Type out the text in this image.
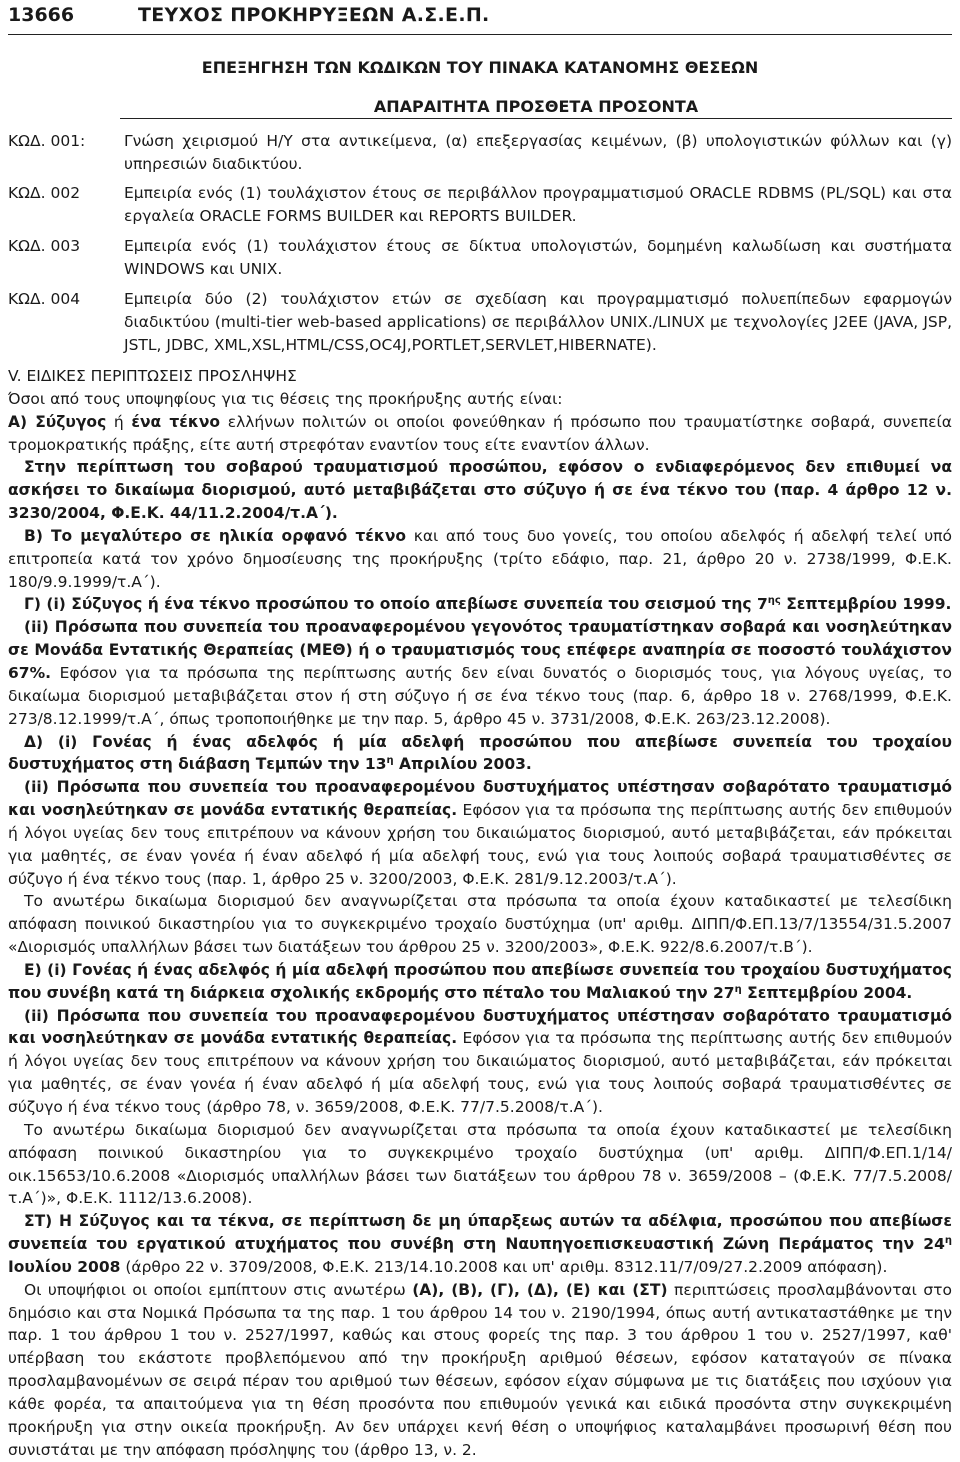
13666	ΤΕΥΧΟΣ ΠΡΟΚΗΡΥΞΕΩΝ Α.Σ.Ε.Π.
ΕΠΕΞΗΓΗΣΗ ΤΩΝ ΚΩΔΙΚΩΝ ΤΟΥ ΠΙΝΑΚΑ ΚΑΤΑΝΟΜΗΣ ΘΕΣΕΩΝ
ΑΠΑΡΑΙΤΗΤΑ ΠΡΟΣΘΕΤΑ ΠΡΟΣΟΝΤΑ
ΚΩΔ. 001:	Γνώση χειρισμού Η/Υ στα αντικείμενα, (α) επεξεργασίας κειμένων, (β) υπολογιστικών φύλλων και (γ) υπηρεσιών διαδικτύου.
ΚΩΔ. 002	Εμπειρία ενός (1) τουλάχιστον έτους σε περιβάλλον προγραμματισμού ORACLE RDBMS (PL/SQL) και στα εργαλεία ORACLE FORMS BUILDER και REPORTS BUILDER.
ΚΩΔ. 003	Εμπειρία ενός (1) τουλάχιστον έτους σε δίκτυα υπολογιστών, δομημένη καλωδίωση και συστήματα WINDOWS και UNIX.
ΚΩΔ. 004	Εμπειρία δύο (2) τουλάχιστον ετών σε σχεδίαση και προγραμματισμό πολυεπίπεδων εφαρμογών διαδικτύου (multi-tier web-based applications) σε περιβάλλον UNIX./LINUX με τεχνολογίες J2EE (JAVA, JSP, JSTL, JDBC, XML,XSL,HTML/CSS,OC4J,PORTLET,SERVLET,HIBERNATE).

V. ΕΙΔΙΚΕΣ ΠΕΡΙΠΤΩΣΕΙΣ ΠΡΟΣΛΗΨΗΣ

Όσοι από τους υποψηφίους για τις θέσεις της προκήρυξης αυτής είναι:

Α) Σύζυγος ή ένα τέκνο ελλήνων πολιτών οι οποίοι φονεύθηκαν ή πρόσωπο που τραυματίστηκε σοβαρά, συνεπεία τρομοκρατικής πράξης, είτε αυτή στρεφόταν εναντίον τους είτε εναντίον άλλων.

Στην περίπτωση του σοβαρού τραυματισμού προσώπου, εφόσον ο ενδιαφερόμενος δεν επιθυμεί να ασκήσει το δικαίωμα διορισμού, αυτό μεταβιβάζεται στο σύζυγο ή σε ένα τέκνο του (παρ. 4 άρθρο 12 ν. 3230/2004, Φ.Ε.Κ. 44/11.2.2004/τ.Α΄).

Β) Το μεγαλύτερο σε ηλικία ορφανό τέκνο και από τους δυο γονείς, του οποίου αδελφός ή αδελφή τελεί υπό επιτροπεία κατά τον χρόνο δημοσίευσης της προκήρυξης (τρίτο εδάφιο, παρ. 21, άρθρο 20 ν. 2738/1999, Φ.Ε.Κ. 180/9.9.1999/τ.Α΄).

Γ) (i) Σύζυγος ή ένα τέκνο προσώπου το οποίο απεβίωσε συνεπεία του σεισμού της $7^{\eta\varsigma}$ Σεπτεμβρίου 1999.

(ii) Πρόσωπα που συνεπεία του προαναφερομένου γεγονότος τραυματίστηκαν σοβαρά και νοσηλεύτηκαν σε Μονάδα Εντατικής Θεραπείας (ΜΕΘ) ή ο τραυματισμός τους επέφερε αναπηρία σε ποσοστό τουλάχιστον 67%. Εφόσον για τα πρόσωπα της περίπτωσης αυτής δεν είναι δυνατός ο διορισμός τους, για λόγους υγείας, το δικαίωμα διορισμού μεταβιβάζεται στον ή στη σύζυγο ή σε ένα τέκνο τους (παρ. 6, άρθρο 18 ν. 2768/1999, Φ.Ε.Κ. 273/8.12.1999/τ.Α΄, όπως τροποποιήθηκε με την παρ. 5, άρθρο 45 ν. 3731/2008, Φ.Ε.Κ. 263/23.12.2008).

Δ) (i) Γονέας ή ένας αδελφός ή μία αδελφή προσώπου που απεβίωσε συνεπεία του τροχαίου δυστυχήματος στη διάβαση Τεμπών την $13^\eta$ Απριλίου 2003.

(ii) Πρόσωπα που συνεπεία του προαναφερομένου δυστυχήματος υπέστησαν σοβαρότατο τραυματισμό και νοσηλεύτηκαν σε μονάδα εντατικής θεραπείας. Εφόσον για τα πρόσωπα της περίπτωσης αυτής δεν επιθυμούν ή λόγοι υγείας δεν τους επιτρέπουν να κάνουν χρήση του δικαιώματος διορισμού, αυτό μεταβιβάζεται, εάν πρόκειται για μαθητές, σε έναν γονέα ή έναν αδελφό ή μία αδελφή τους, ενώ για τους λοιπούς σοβαρά τραυματισθέντες σε σύζυγο ή ένα τέκνο τους (παρ. 1, άρθρο 25 ν. 3200/2003, Φ.Ε.Κ. 281/9.12.2003/τ.Α΄).

Το ανωτέρω δικαίωμα διορισμού δεν αναγνωρίζεται στα πρόσωπα τα οποία έχουν καταδικαστεί με τελεσίδικη απόφαση ποινικού δικαστηρίου για το συγκεκριμένο τροχαίο δυστύχημα (υπ' αριθμ. ΔΙΠΠ/Φ.ΕΠ.13/7/13554/31.5.2007 «Διορισμός υπαλλήλων βάσει των διατάξεων του άρθρου 25 ν. 3200/2003», Φ.Ε.Κ. 922/8.6.2007/τ.Β΄).

Ε) (i) Γονέας ή ένας αδελφός ή μία αδελφή προσώπου που απεβίωσε συνεπεία του τροχαίου δυστυχήματος που συνέβη κατά τη διάρκεια σχολικής εκδρομής στο πέταλο του Μαλιακού την $27^\eta$ Σεπτεμβρίου 2004.

(ii) Πρόσωπα που συνεπεία του προαναφερομένου δυστυχήματος υπέστησαν σοβαρότατο τραυματισμό και νοσηλεύτηκαν σε μονάδα εντατικής θεραπείας. Εφόσον για τα πρόσωπα της περίπτωσης αυτής δεν επιθυμούν ή λόγοι υγείας δεν τους επιτρέπουν να κάνουν χρήση του δικαιώματος διορισμού, αυτό μεταβιβάζεται, εάν πρόκειται για μαθητές, σε έναν γονέα ή έναν αδελφό ή μία αδελφή τους, ενώ για τους λοιπούς σοβαρά τραυματισθέντες σε σύζυγο ή ένα τέκνο τους (άρθρο 78, ν. 3659/2008, Φ.Ε.Κ. 77/7.5.2008/τ.Α΄).

Το ανωτέρω δικαίωμα διορισμού δεν αναγνωρίζεται στα πρόσωπα τα οποία έχουν καταδικαστεί με τελεσίδικη απόφαση ποινικού δικαστηρίου για το συγκεκριμένο τροχαίο δυστύχημα (υπ' αριθμ. ΔΙΠΠ/Φ.ΕΠ.1/14/οικ.15653/10.6.2008 «Διορισμός υπαλλήλων βάσει των διατάξεων του άρθρου 78 ν. 3659/2008 – (Φ.Ε.Κ. 77/7.5.2008/τ.Α΄)», Φ.Ε.Κ. 1112/13.6.2008).

ΣΤ) Η Σύζυγος και τα τέκνα, σε περίπτωση δε μη ύπαρξεως αυτών τα αδέλφια, προσώπου που απεβίωσε συνεπεία του εργατικού ατυχήματος που συνέβη στη Ναυπηγοεπισκευαστική Ζώνη Περάματος την $24^\eta$ Ιουλίου 2008 (άρθρο 22 ν. 3709/2008, Φ.Ε.Κ. 213/14.10.2008 και υπ' αριθμ. 8312.11/7/09/27.2.2009 απόφαση).

Οι υποψήφιοι οι οποίοι εμπίπτουν στις ανωτέρω (Α), (Β), (Γ), (Δ), (Ε) και (ΣΤ) περιπτώσεις προσλαμβάνονται στο δημόσιο και στα Νομικά Πρόσωπα τα της παρ. 1 του άρθρου 14 του ν. 2190/1994, όπως αυτή αντικαταστάθηκε με την παρ. 1 του άρθρου 1 του ν. 2527/1997, καθώς και στους φορείς της παρ. 3 του άρθρου 1 του ν. 2527/1997, καθ' υπέρβαση του εκάστοτε προβλεπόμενου από την προκήρυξη αριθμού θέσεων, εφόσον καταταγούν σε πίνακα προσλαμβανομένων σε σειρά πέραν του αριθμού των θέσεων, εφόσον είχαν σύμφωνα με τις διατάξεις που ισχύουν για κάθε φορέα, τα απαιτούμενα για τη θέση προσόντα που επιθυμούν γενικά και ειδικά προσόντα στην συγκεκριμένη προκήρυξη για στην οικεία προκήρυξη. Αν δεν υπάρχει κενή θέση ο υποψήφιος καταλαμβάνει προσωρινή θέση που συνιστάται με την απόφαση πρόσληψης του (άρθρο 13, ν. 2.
